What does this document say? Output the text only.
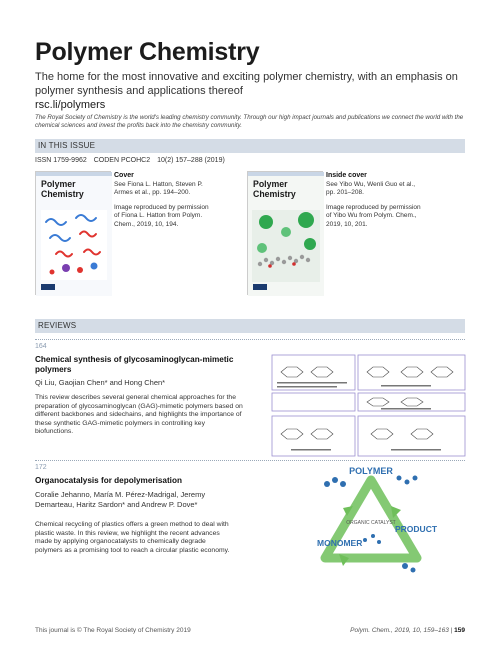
Polymer Chemistry
The home for the most innovative and exciting polymer chemistry, with an emphasis on polymer synthesis and applications thereof
rsc.li/polymers
The Royal Society of Chemistry is the world's leading chemistry community. Through our high impact journals and publications we connect the world with the chemical sciences and invest the profits back into the chemistry community.
IN THIS ISSUE
ISSN 1759-9962 CODEN PCOHC2 10(2) 157–288 (2019)
Polymer
Chemistry
Cover
See Fiona L. Hatton, Steven P. Armes et al., pp. 194–200.
Image reproduced by permission of Fiona L. Hatton from Polym. Chem., 2019, 10, 194.
Polymer
Chemistry
Inside cover
See Yibo Wu, Wenli Guo et al., pp. 201–208.
Image reproduced by permission of Yibo Wu from Polym. Chem., 2019, 10, 201.
REVIEWS
164
Chemical synthesis of glycosaminoglycan-mimetic polymers
Qi Liu, Gaojian Chen* and Hong Chen*
This review describes several general chemical approaches for the preparation of glycosaminoglycan (GAG)-mimetic polymers based on different backbones and sidechains, and highlights the importance of these synthetic GAG-mimetic polymers in controlling key biofunctions.
172
Organocatalysis for depolymerisation
Coralie Jehanno, María M. Pérez-Madrigal, Jeremy Demarteau, Haritz Sardon* and Andrew P. Dove*
Chemical recycling of plastics offers a green method to deal with plastic waste. In this review, we highlight the recent advances made by applying organocatalysts to chemically degrade polymers as a promising tool to reach a circular plastic economy.
POLYMER
ORGANIC CATALYST
MONOMER
PRODUCT
This journal is © The Royal Society of Chemistry 2019	Polym. Chem., 2019, 10, 159–163 | 159
